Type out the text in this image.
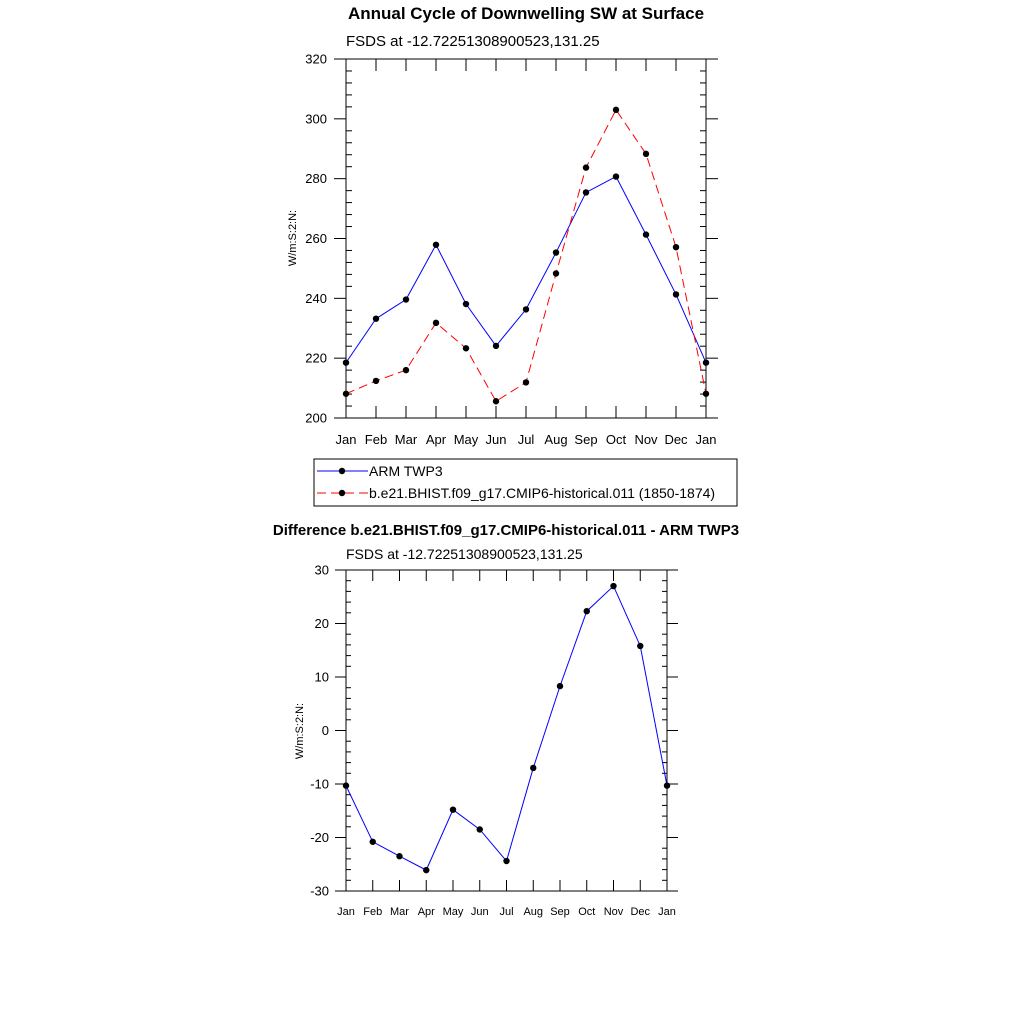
Annual Cycle of Downwelling SW at Surface
FSDS at -12.72251308900523,131.25
W/m:S:2:N:
Jan Feb Mar Apr May Jun Jul Aug Sep Oct Nov Dec Jan
200
220
240
260
280
300
320
ARM TWP3
b.e21.BHIST.f09_g17.CMIP6-historical.011 (1850-1874)
Difference b.e21.BHIST.f09_g17.CMIP6-historical.011 - ARM TWP3
FSDS at -12.72251308900523,131.25
W/m:S:2:N:
Jan Feb Mar Apr May Jun Jul Aug Sep Oct Nov Dec Jan
-30
-20
-10
0
10
20
30
